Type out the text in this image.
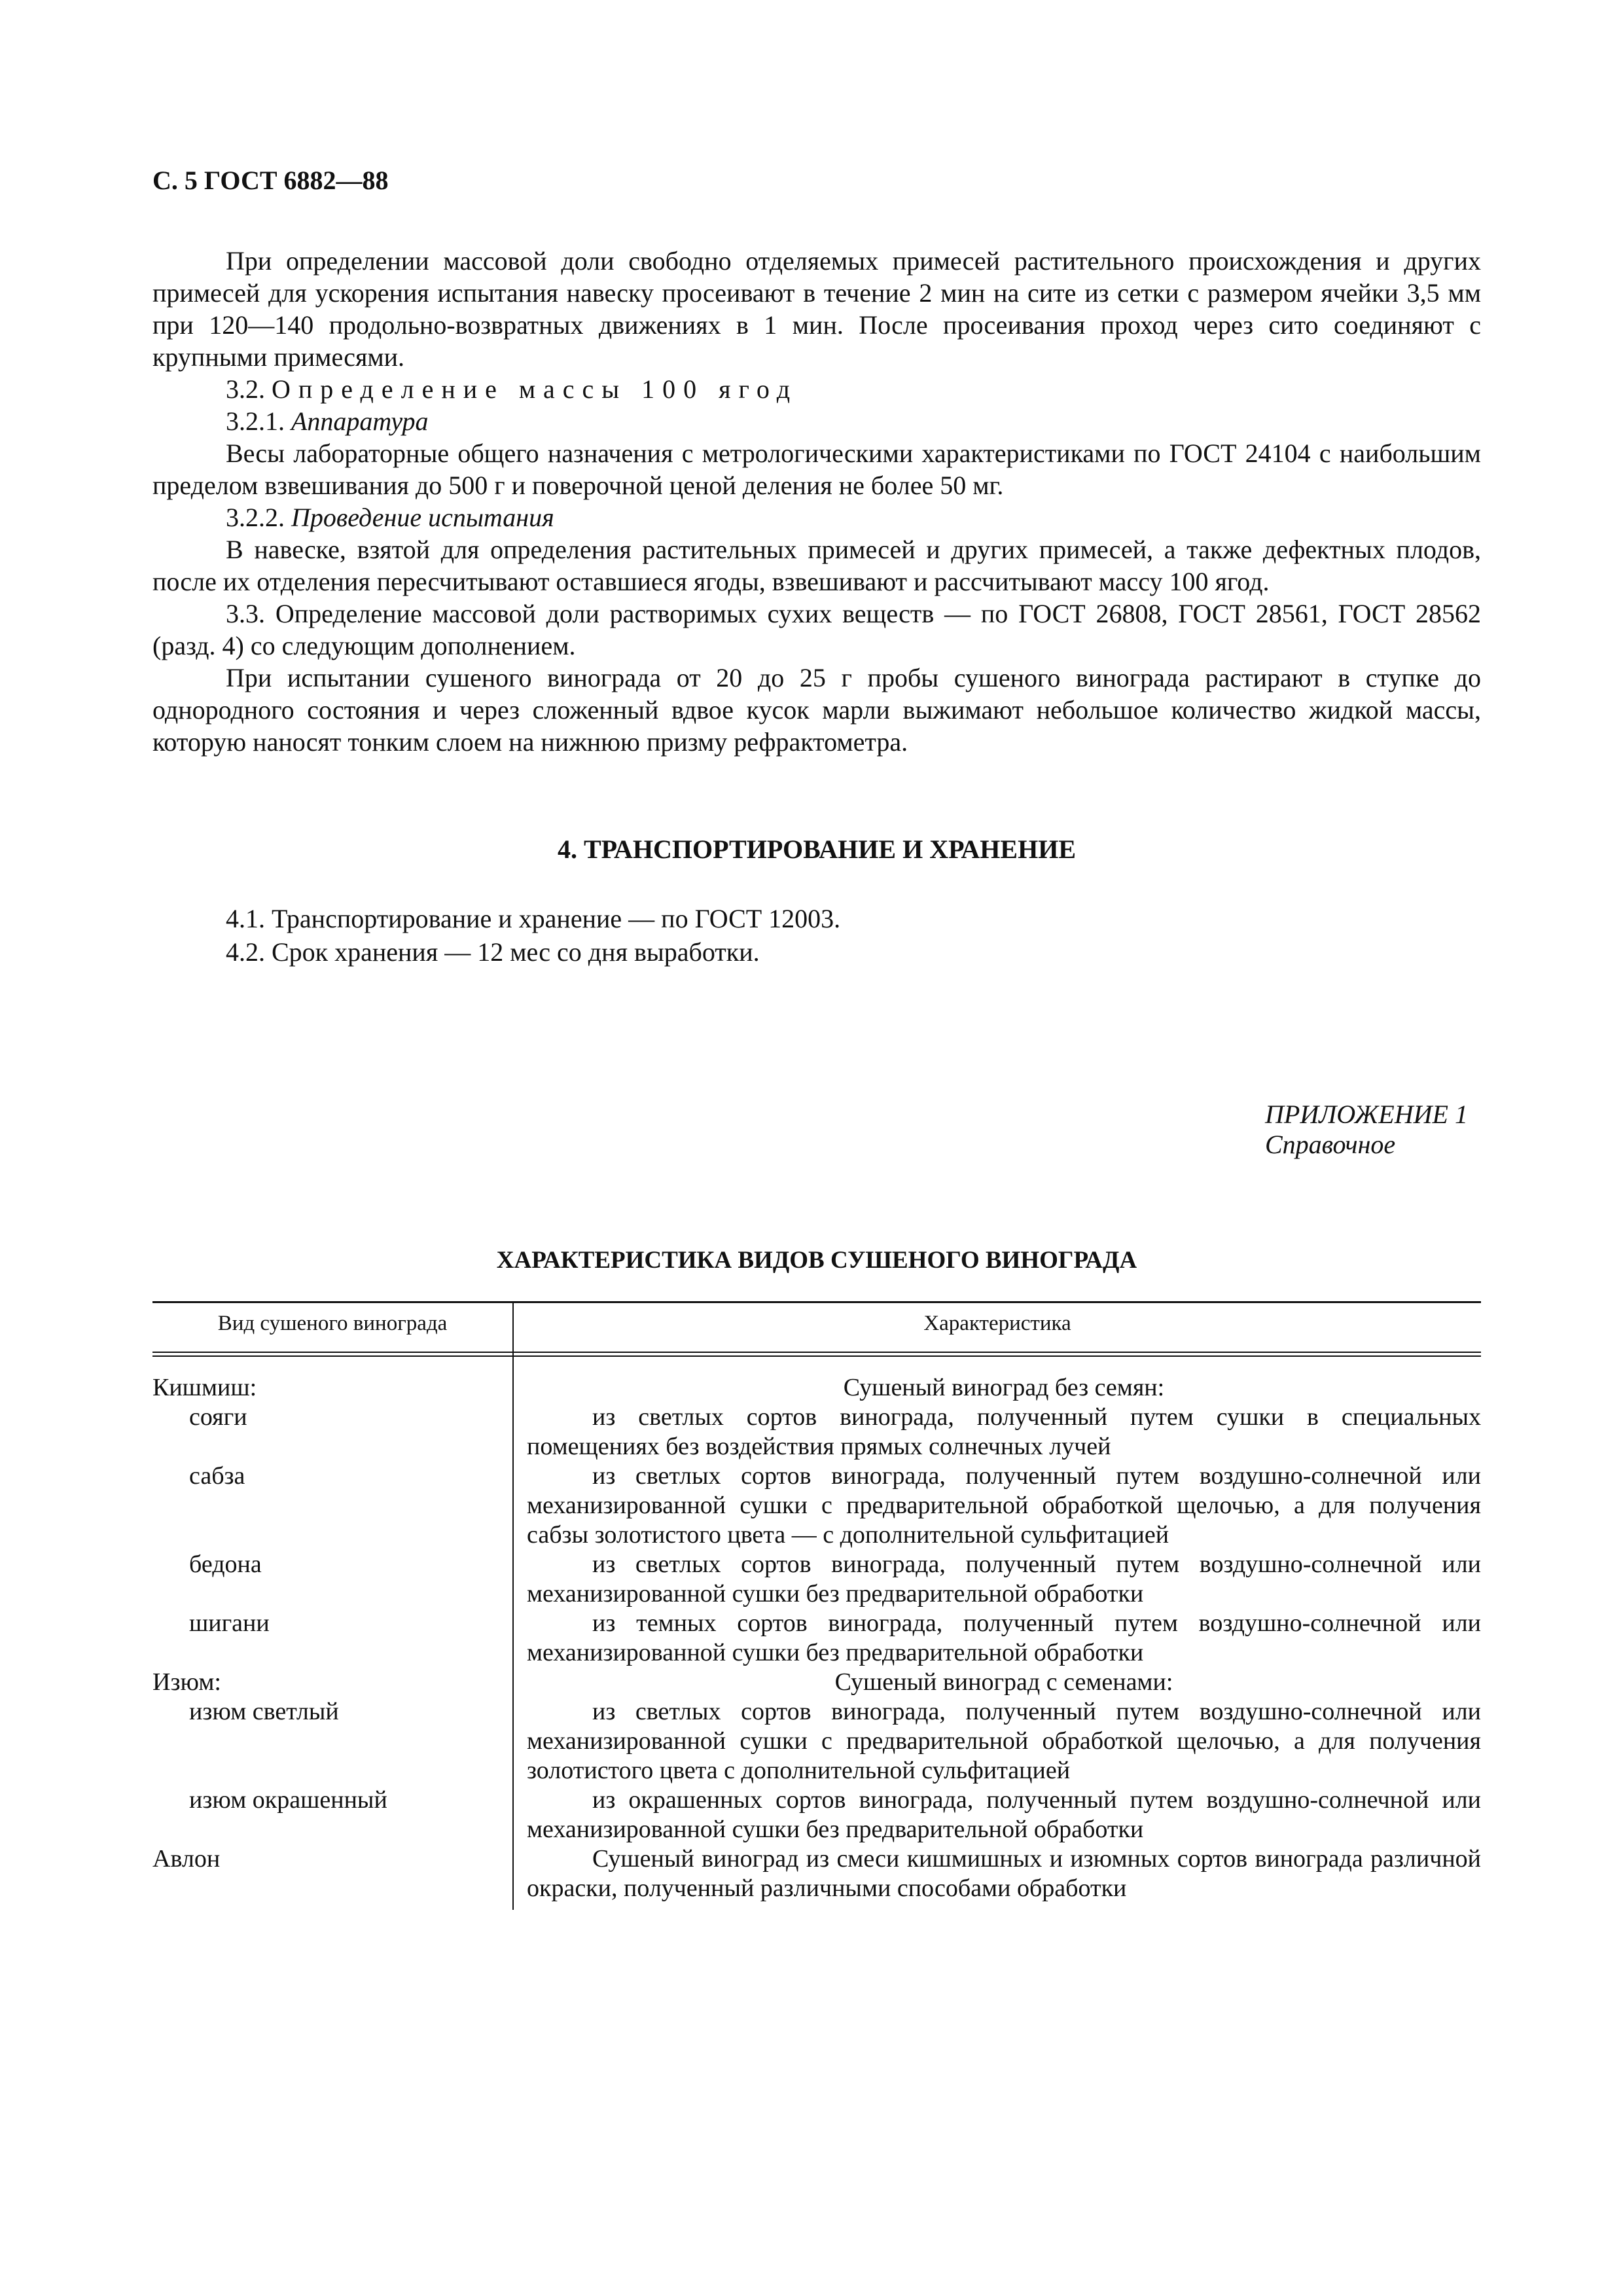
С. 5 ГОСТ 6882—88

При определении массовой доли свободно отделяемых примесей растительного происхождения и других примесей для ускорения испытания навеску просеивают в течение 2 мин на сите из сетки с размером ячейки 3,5 мм при 120—140 продольно-возвратных движениях в 1 мин. После просеивания проход через сито соединяют с крупными примесями.

3.2. Определение массы 100 ягод

3.2.1. Аппаратура

Весы лабораторные общего назначения с метрологическими характеристиками по ГОСТ 24104 с наибольшим пределом взвешивания до 500 г и поверочной ценой деления не более 50 мг.

3.2.2. Проведение испытания

В навеске, взятой для определения растительных примесей и других примесей, а также дефектных плодов, после их отделения пересчитывают оставшиеся ягоды, взвешивают и рассчитывают массу 100 ягод.

3.3. Определение массовой доли растворимых сухих веществ — по ГОСТ 26808, ГОСТ 28561, ГОСТ 28562 (разд. 4) со следующим дополнением.

При испытании сушеного винограда от 20 до 25 г пробы сушеного винограда растирают в ступке до однородного состояния и через сложенный вдвое кусок марли выжимают небольшое количество жидкой массы, которую наносят тонким слоем на нижнюю призму рефрактометра.

4. ТРАНСПОРТИРОВАНИЕ И ХРАНЕНИЕ

4.1. Транспортирование и хранение — по ГОСТ 12003.

4.2. Срок хранения — 12 мес со дня выработки.

ПРИЛОЖЕНИЕ 1
Справочное
ХАРАКТЕРИСТИКА ВИДОВ СУШЕНОГО ВИНОГРАДА
Вид сушеного винограда	Характеристика
Кишмиш:	Сушеный виноград без семян:
сояги	из светлых сортов винограда, полученный путем сушки в специальных помещениях без воздействия прямых солнечных лучей
сабза	из светлых сортов винограда, полученный путем воздушно-солнечной или механизированной сушки с предварительной обработкой щелочью, а для получения сабзы золотистого цвета — с дополнительной сульфитацией
бедона	из светлых сортов винограда, полученный путем воздушно-солнечной или механизированной сушки без предварительной обработки
шигани	из темных сортов винограда, полученный путем воздушно-солнечной или механизированной сушки без предварительной обработки
Изюм:	Сушеный виноград с семенами:
изюм светлый	из светлых сортов винограда, полученный путем воздушно-солнечной или механизированной сушки с предварительной обработкой щелочью, а для получения золотистого цвета с дополнительной сульфитацией
изюм окрашенный	из окрашенных сортов винограда, полученный путем воздушно-солнечной или механизированной сушки без предварительной обработки
Авлон	Сушеный виноград из смеси кишмишных и изюмных сортов винограда различной окраски, полученный различными способами обработки
